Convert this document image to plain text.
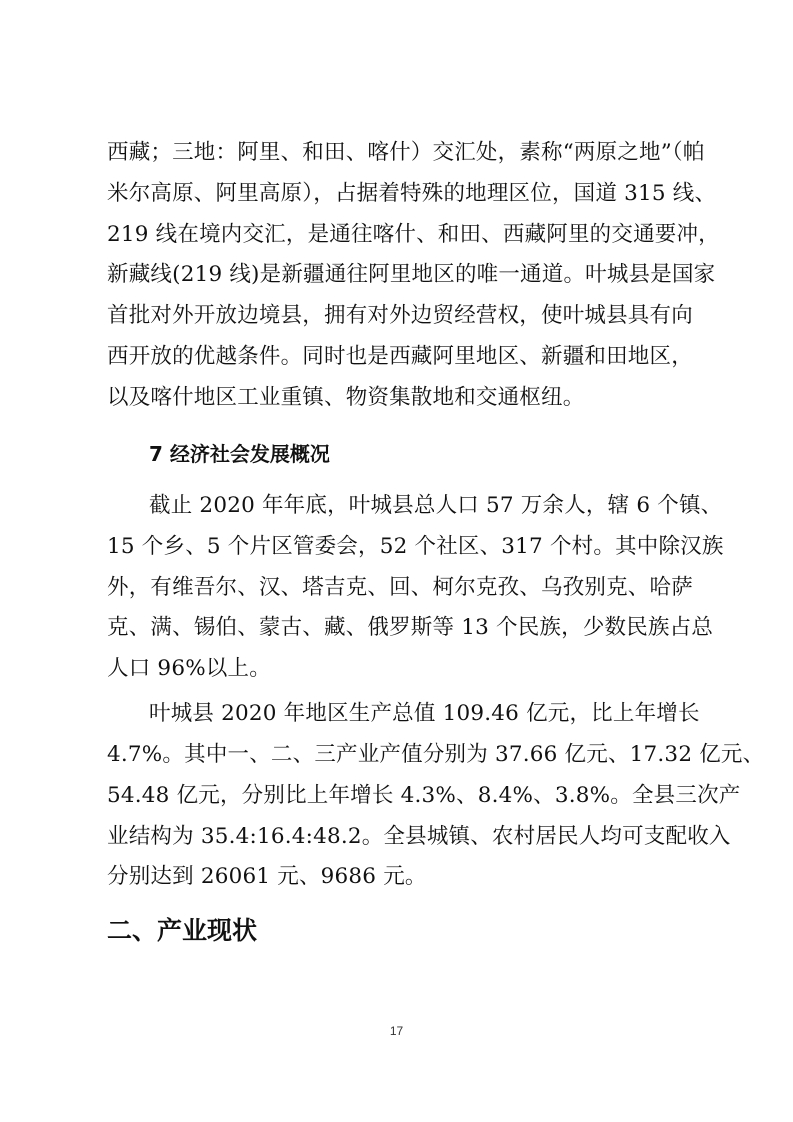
西藏；三地：阿里、和田、喀什）交汇处，素称“两原之地”（帕
米尔高原、阿里高原），占据着特殊的地理区位，国道 315 线、
219 线在境内交汇，是通往喀什、和田、西藏阿里的交通要冲，
新藏线(219 线)是新疆通往阿里地区的唯一通道。叶城县是国家
首批对外开放边境县，拥有对外边贸经营权，使叶城县具有向
西开放的优越条件。同时也是西藏阿里地区、新疆和田地区，
以及喀什地区工业重镇、物资集散地和交通枢纽。
7 经济社会发展概况
截止 2020 年年底，叶城县总人口 57 万余人，辖 6 个镇、
15 个乡、5 个片区管委会，52 个社区、317 个村。其中除汉族
外，有维吾尔、汉、塔吉克、回、柯尔克孜、乌孜别克、哈萨
克、满、锡伯、蒙古、藏、俄罗斯等 13 个民族，少数民族占总
人口 96%以上。
叶城县 2020 年地区生产总值 109.46 亿元，比上年增长
4.7%。其中一、二、三产业产值分别为 37.66 亿元、17.32 亿元、
54.48 亿元，分别比上年增长 4.3%、8.4%、3.8%。全县三次产
业结构为 35.4:16.4:48.2。全县城镇、农村居民人均可支配收入
分别达到 26061 元、9686 元。
二、产业现状
17
